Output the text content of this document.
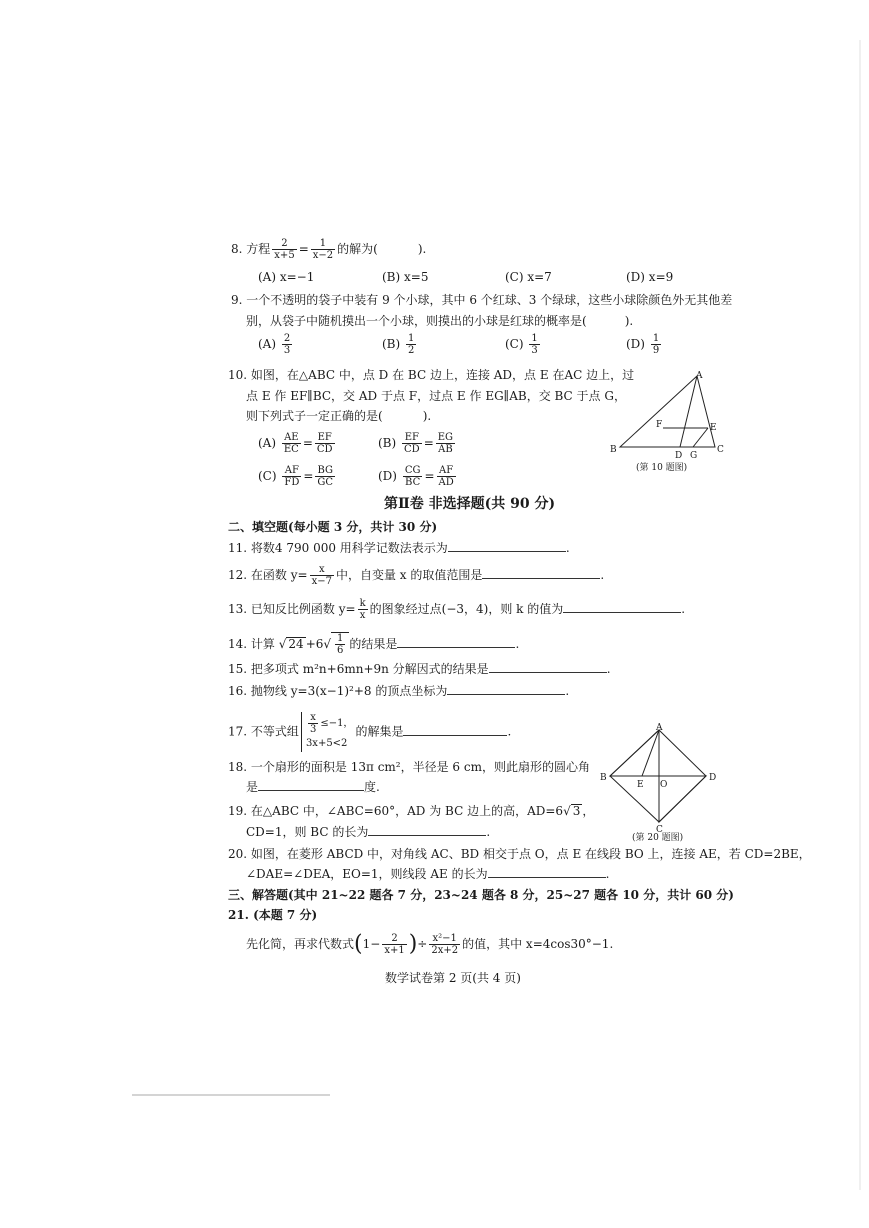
8. 方程 $\frac{2}{x+5} = \frac{1}{x-2}$ 的解为(	).
(A) x=−1	(B) x=5	(C) x=7	(D) x=9
9. 一个不透明的袋子中装有 9 个小球，其中 6 个红球、3 个绿球，这些小球除颜色外无其他差
别，从袋子中随机摸出一个小球，则摸出的小球是红球的概率是(	).
$(A) \frac{2}{3}$	$(B) \frac{1}{2}$	$(C) \frac{1}{3}$	$(D) \frac{1}{9}$
10. 如图，在△ABC 中，点 D 在 BC 边上，连接 AD，点 E 在AC 边上，过
点 E 作 EF∥BC，交 AD 于点 F，过点 E 作 EG∥AB，交 BC 于点 G，
则下列式子一定正确的是(	).
$(A) \frac{AE}{EC} = \frac{EF}{CD}$	$(B) \frac{EF}{CD} = \frac{EG}{AB}$
$(C) \frac{AF}{FD} = \frac{BG}{GC}$	$(D) \frac{CG}{BC} = \frac{AF}{AD}$
A
B	C
D
E
F
G
(第 10 题图)
第Ⅱ卷 非选择题(共 90 分)
二、填空题(每小题 3 分，共计 30 分)
11. 将数4 790 000 用科学记数法表示为	.
12. 在函数 $y= \frac{x}{x-7}$ 中，自变量 x 的取值范围是	.
13. 已知反比例函数 $y= \frac{k}{x}$ 的图象经过点(−3，4)，则 k 的值为	.
14. 计算 √ $24 +6√ \frac{1}{6}$ 的结果是	.
15. 把多项式 m²n+6mn+9n 分解因式的结果是	.
16. 抛物线 y=3(x−1)²+8 的顶点坐标为	.
17. 不等式组 $\frac{x}{3} \le-1$，
3x+5<2的解集是	.
18. 一个扇形的面积是 13π cm²，半径是 6 cm，则此扇形的圆心角
是	度.
19. 在△ABC 中，∠ABC=60°，AD 为 BC 边上的高，AD=6√ 3 ，
CD=1，则 BC 的长为	.
A
B
C
D
E O
(第 20 题图)
20. 如图，在菱形 ABCD 中，对角线 AC、BD 相交于点 O，点 E 在线段 BO 上，连接 AE，若 CD=2BE，
∠DAE=∠DEA，EO=1，则线段 AE 的长为	.
三、解答题(其中 21~22 题各 7 分，23~24 题各 8 分，25~27 题各 10 分，共计 60 分)
21. (本题 7 分)
先化简，再求代数式($1- \frac{2}{x+1}$ )÷ $\frac{\text{x²−1}}{2x+2}$ 的值，其中 x=4cos30°−1.
数学试卷第 2 页(共 4 页)
